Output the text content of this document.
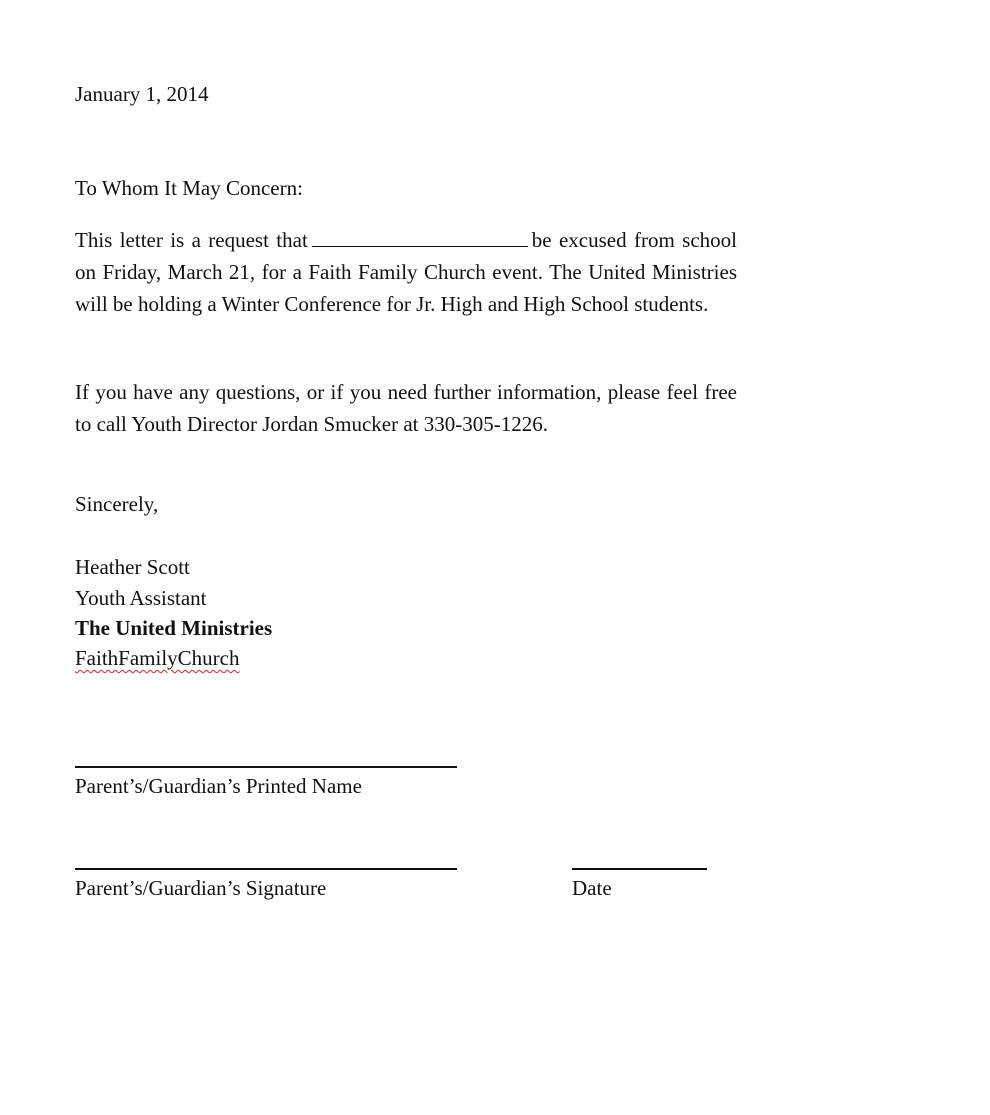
January 1, 2014
To Whom It May Concern:
This letter is a request that	be excused from school on Friday, March 21, for a Faith Family Church event. The United Ministries will be holding a Winter Conference for Jr. High and High School students.
If you have any questions, or if you need further information, please feel free to call Youth Director Jordan Smucker at 330-305-1226.
Sincerely,
Heather Scott
Youth Assistant
The United Ministries
FaithFamilyChurch
Parent’s/Guardian’s Printed Name
Parent’s/Guardian’s Signature	Date
